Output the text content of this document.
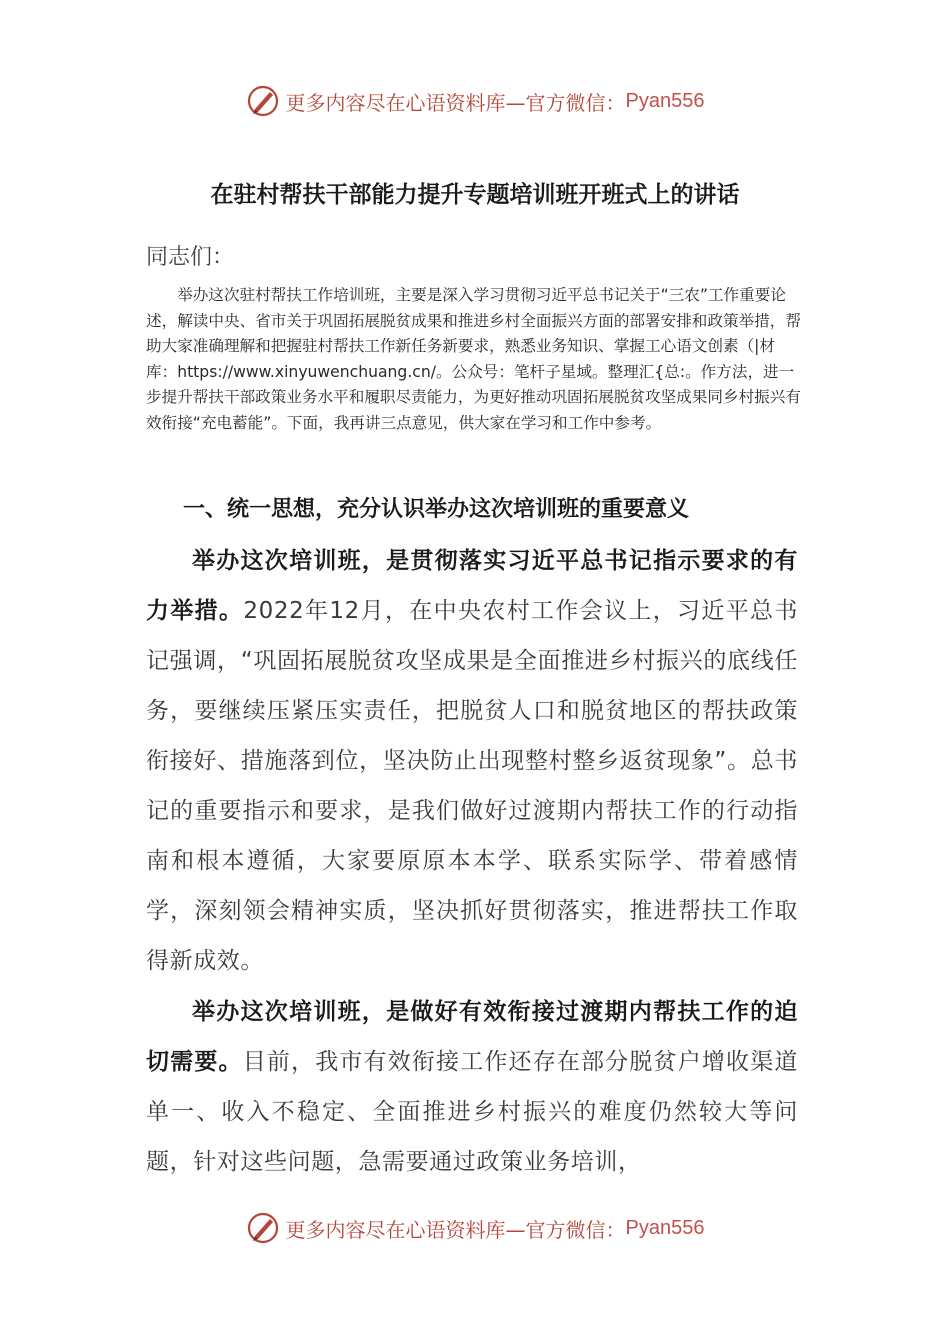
更多内容尽在心语资料库—官方微信： Pyan556
在驻村帮扶干部能力提升专题培训班开班式上的讲话
同志们：
举办这次驻村帮扶工作培训班，主要是深入学习贯彻习近平总书记关于“三农”工作重要论述，解读中央、省市关于巩固拓展脱贫成果和推进乡村全面振兴方面的部署安排和政策举措，帮助大家准确理解和把握驻村帮扶工作新任务新要求，熟悉业务知识、掌握工心语文创素（|材库：https://www.xinyuwenchuang.cn/。公众号：笔杆子星域。整理汇{总:。作方法，进一步提升帮扶干部政策业务水平和履职尽责能力，为更好推动巩固拓展脱贫攻坚成果同乡村振兴有效衔接“充电蓄能”。下面，我再讲三点意见，供大家在学习和工作中参考。
一、统一思想，充分认识举办这次培训班的重要意义
举办这次培训班，是贯彻落实习近平总书记指示要求的有力举措。2022年12月，在中央农村工作会议上，习近平总书记强调，“巩固拓展脱贫攻坚成果是全面推进乡村振兴的底线任务，要继续压紧压实责任，把脱贫人口和脱贫地区的帮扶政策衔接好、措施落到位，坚决防止出现整村整乡返贫现象”。总书记的重要指示和要求，是我们做好过渡期内帮扶工作的行动指南和根本遵循，大家要原原本本学、联系实际学、带着感情学，深刻领会精神实质，坚决抓好贯彻落实，推进帮扶工作取得新成效。
举办这次培训班，是做好有效衔接过渡期内帮扶工作的迫切需要。目前，我市有效衔接工作还存在部分脱贫户增收渠道单一、收入不稳定、全面推进乡村振兴的难度仍然较大等问题，针对这些问题，急需要通过政策业务培训，
更多内容尽在心语资料库—官方微信： Pyan556
